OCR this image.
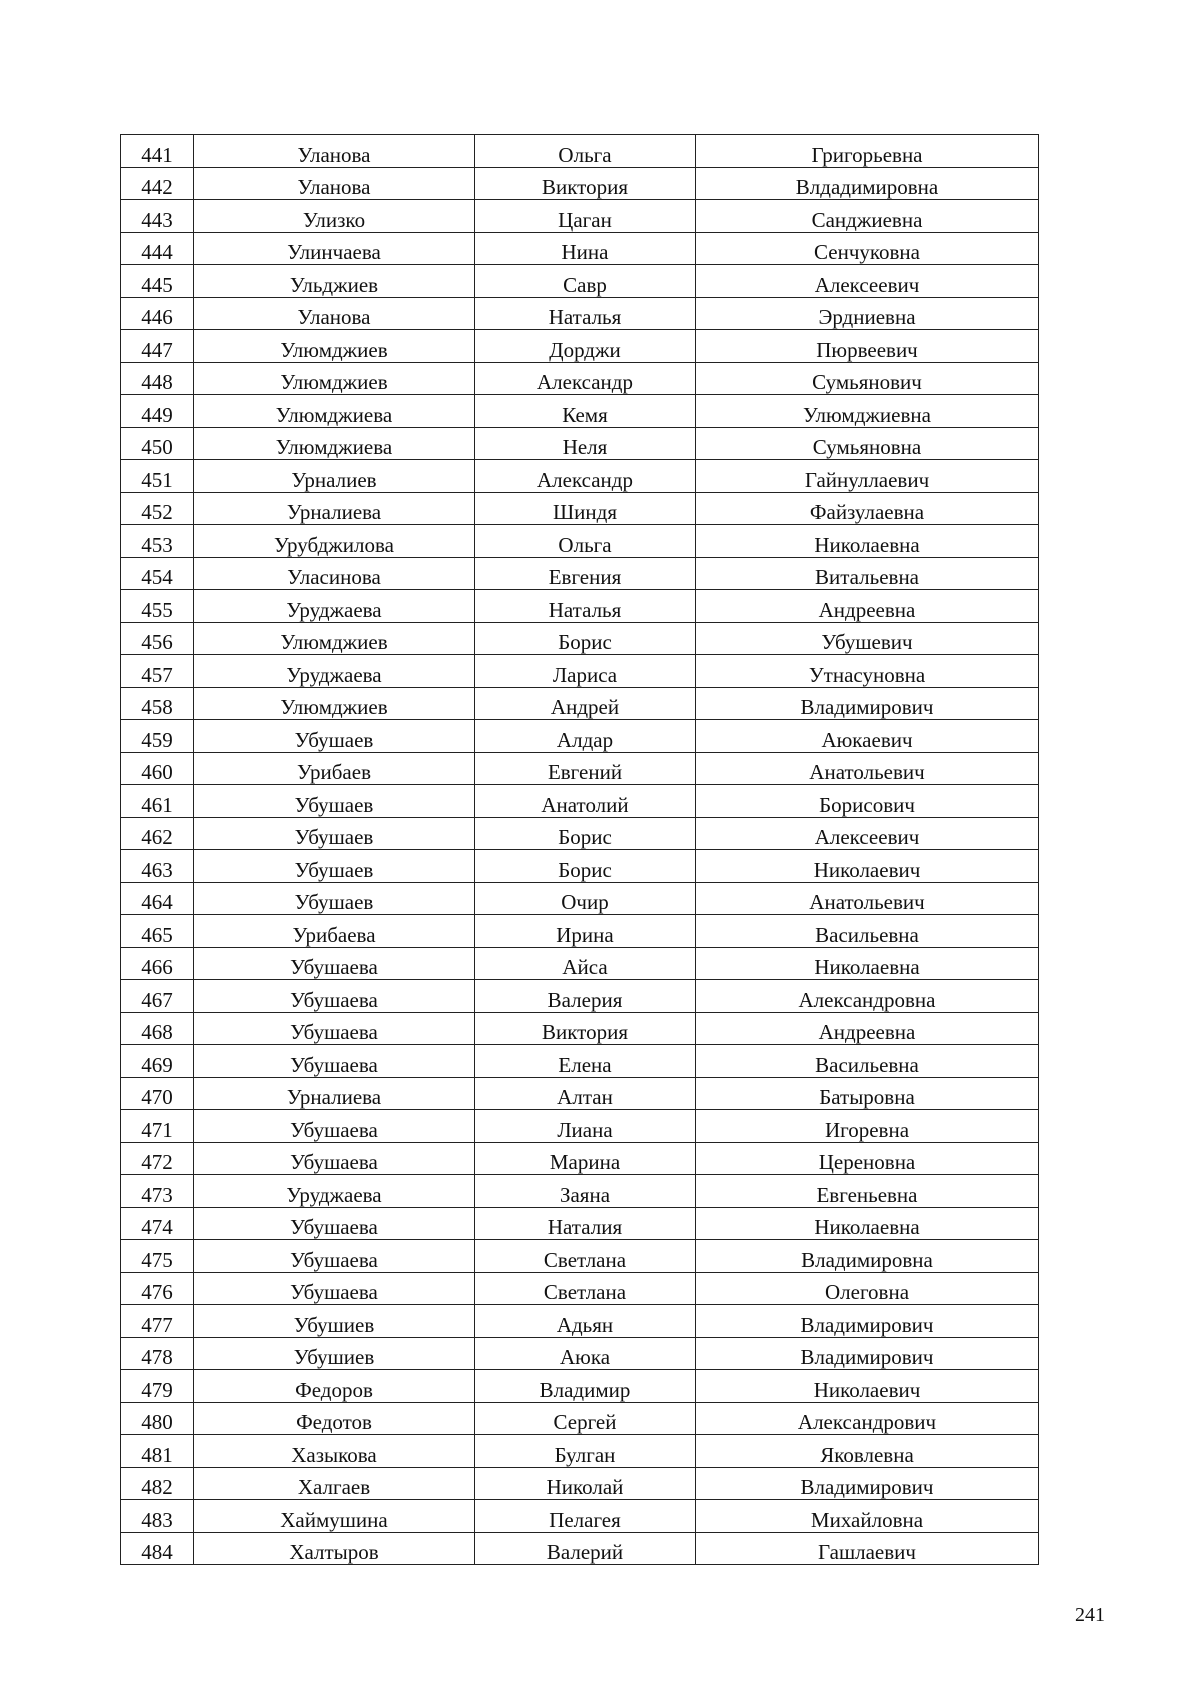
441	Уланова	Ольга	Григорьевна
442	Уланова	Виктория	Влдадимировна
443	Улизко	Цаган	Санджиевна
444	Улинчаева	Нина	Сенчуковна
445	Ульджиев	Савр	Алексеевич
446	Уланова	Наталья	Эрдниевна
447	Улюмджиев	Дорджи	Пюрвеевич
448	Улюмджиев	Александр	Сумьянович
449	Улюмджиева	Кемя	Улюмджиевна
450	Улюмджиева	Неля	Сумьяновна
451	Урналиев	Александр	Гайнуллаевич
452	Урналиева	Шиндя	Файзулаевна
453	Урубджилова	Ольга	Николаевна
454	Уласинова	Евгения	Витальевна
455	Уруджаева	Наталья	Андреевна
456	Улюмджиев	Борис	Убушевич
457	Уруджаева	Лариса	Утнасуновна
458	Улюмджиев	Андрей	Владимирович
459	Убушаев	Алдар	Аюкаевич
460	Урибаев	Евгений	Анатольевич
461	Убушаев	Анатолий	Борисович
462	Убушаев	Борис	Алексеевич
463	Убушаев	Борис	Николаевич
464	Убушаев	Очир	Анатольевич
465	Урибаева	Ирина	Васильевна
466	Убушаева	Айса	Николаевна
467	Убушаева	Валерия	Александровна
468	Убушаева	Виктория	Андреевна
469	Убушаева	Елена	Васильевна
470	Урналиева	Алтан	Батыровна
471	Убушаева	Лиана	Игоревна
472	Убушаева	Марина	Цереновна
473	Уруджаева	Заяна	Евгеньевна
474	Убушаева	Наталия	Николаевна
475	Убушаева	Светлана	Владимировна
476	Убушаева	Светлана	Олеговна
477	Убушиев	Адьян	Владимирович
478	Убушиев	Аюка	Владимирович
479	Федоров	Владимир	Николаевич
480	Федотов	Сергей	Александрович
481	Хазыкова	Булган	Яковлевна
482	Халгаев	Николай	Владимирович
483	Хаймушина	Пелагея	Михайловна
484	Халтыров	Валерий	Гашлаевич
241
